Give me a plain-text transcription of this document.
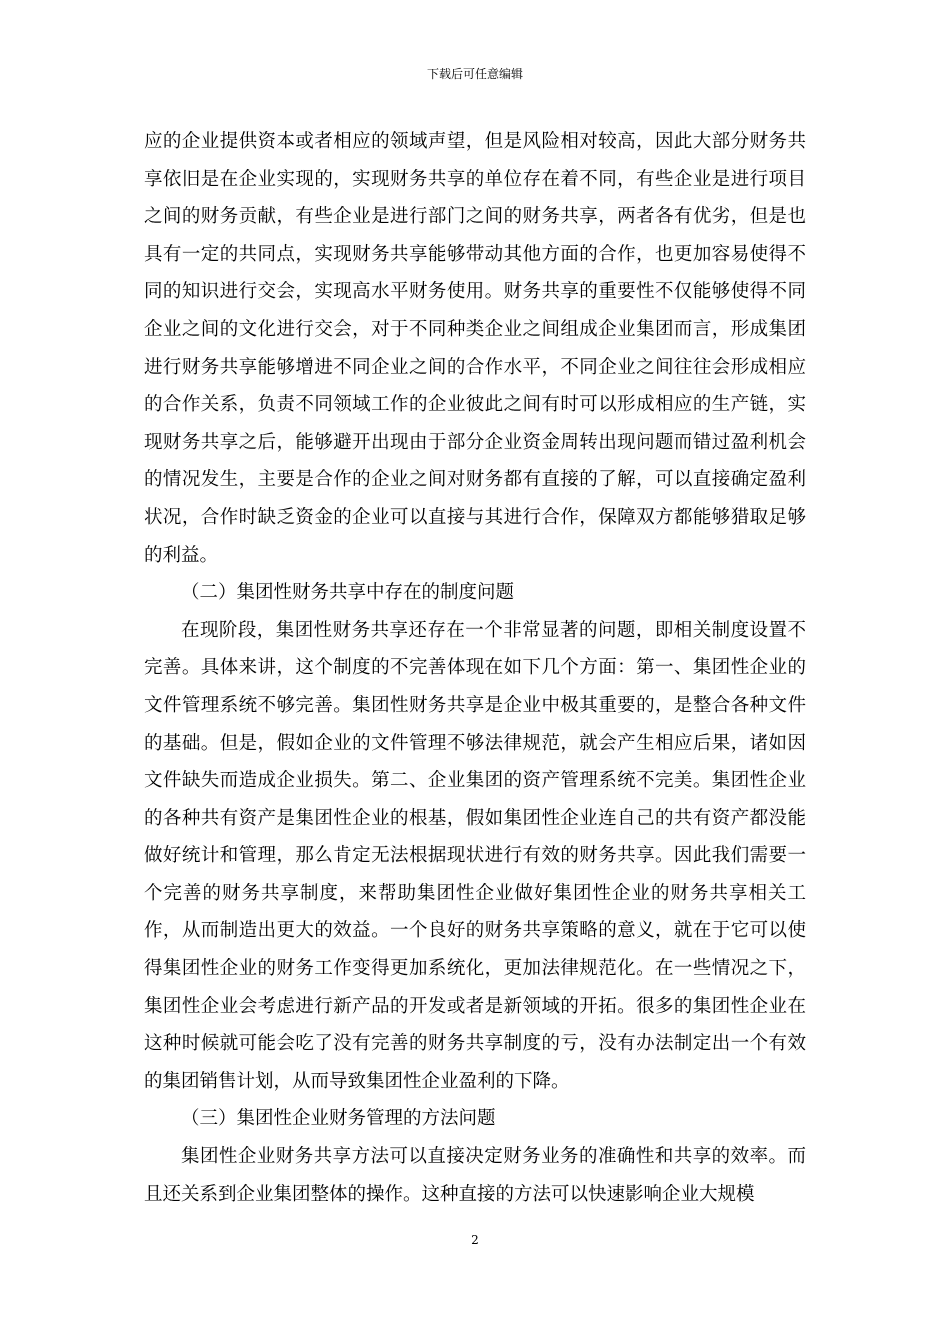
下载后可任意编辑

应的企业提供资本或者相应的领域声望，但是风险相对较高，因此大部分财务共享依旧是在企业实现的，实现财务共享的单位存在着不同，有些企业是进行项目之间的财务贡献，有些企业是进行部门之间的财务共享，两者各有优劣，但是也具有一定的共同点，实现财务共享能够带动其他方面的合作，也更加容易使得不同的知识进行交会，实现高水平财务使用。财务共享的重要性不仅能够使得不同企业之间的文化进行交会，对于不同种类企业之间组成企业集团而言，形成集团进行财务共享能够增进不同企业之间的合作水平，不同企业之间往往会形成相应的合作关系，负责不同领域工作的企业彼此之间有时可以形成相应的生产链，实现财务共享之后，能够避开出现由于部分企业资金周转出现问题而错过盈利机会的情况发生，主要是合作的企业之间对财务都有直接的了解，可以直接确定盈利状况，合作时缺乏资金的企业可以直接与其进行合作，保障双方都能够猎取足够的利益。

（二）集团性财务共享中存在的制度问题

在现阶段，集团性财务共享还存在一个非常显著的问题，即相关制度设置不完善。具体来讲，这个制度的不完善体现在如下几个方面：第一、集团性企业的文件管理系统不够完善。集团性财务共享是企业中极其重要的，是整合各种文件的基础。但是，假如企业的文件管理不够法律规范，就会产生相应后果，诸如因文件缺失而造成企业损失。第二、企业集团的资产管理系统不完美。集团性企业的各种共有资产是集团性企业的根基，假如集团性企业连自己的共有资产都没能做好统计和管理，那么肯定无法根据现状进行有效的财务共享。因此我们需要一个完善的财务共享制度，来帮助集团性企业做好集团性企业的财务共享相关工作，从而制造出更大的效益。一个良好的财务共享策略的意义，就在于它可以使得集团性企业的财务工作变得更加系统化，更加法律规范化。在一些情况之下，集团性企业会考虑进行新产品的开发或者是新领域的开拓。很多的集团性企业在这种时候就可能会吃了没有完善的财务共享制度的亏，没有办法制定出一个有效的集团销售计划，从而导致集团性企业盈利的下降。

（三）集团性企业财务管理的方法问题

集团性企业财务共享方法可以直接决定财务业务的准确性和共享的效率。而且还关系到企业集团整体的操作。这种直接的方法可以快速影响企业大规模

2
